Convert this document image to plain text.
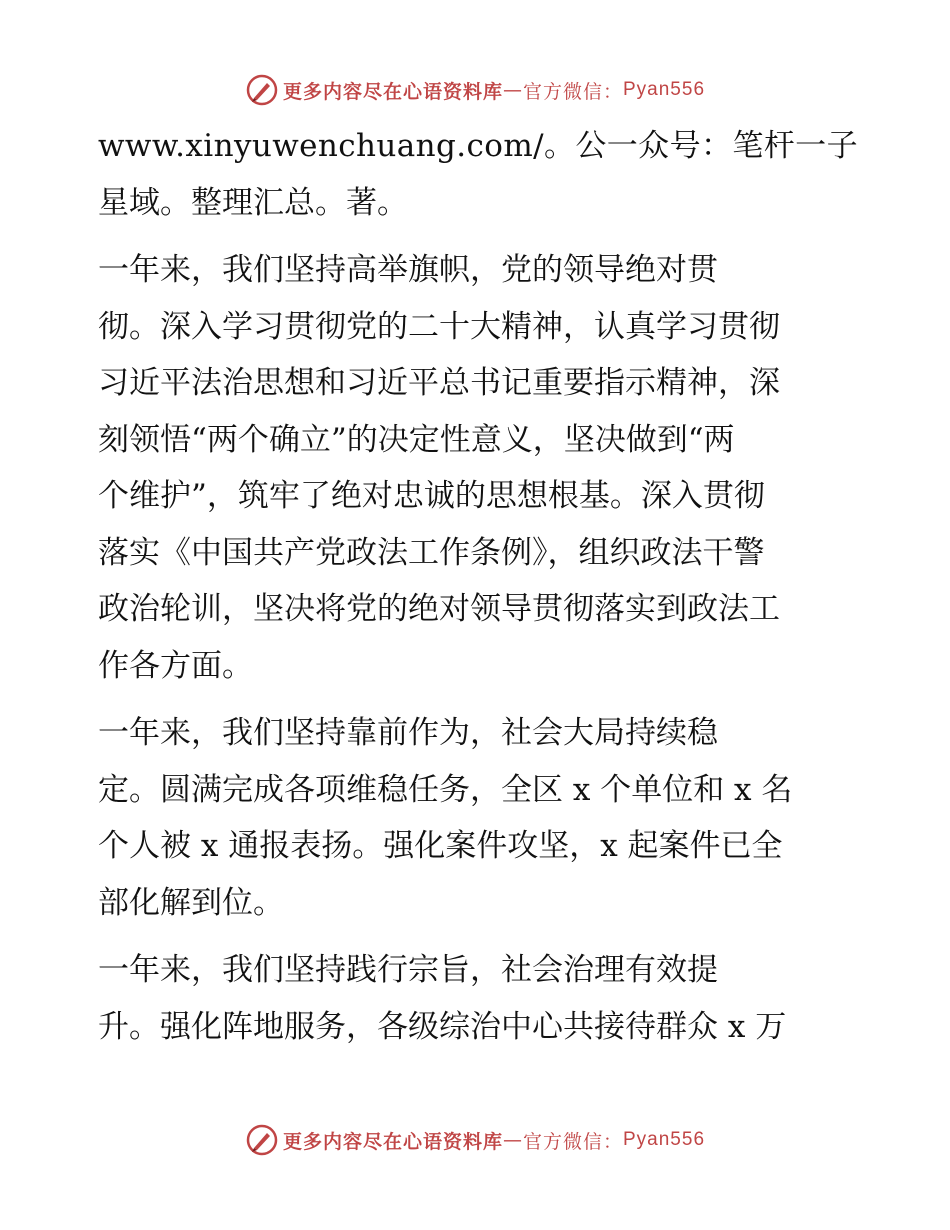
更多内容尽在心语资料库 — 官方微信： Pyan556
www.xinyuwenchuang.com/。公一众号：笔杆一子
星域。整理汇总。著。
一年来，我们坚持高举旗帜，党的领导绝对贯
彻。深入学习贯彻党的二十大精神，认真学习贯彻
习近平法治思想和习近平总书记重要指示精神，深
刻领悟“两个确立”的决定性意义，坚决做到“两
个维护”，筑牢了绝对忠诚的思想根基。深入贯彻
落实《中国共产党政法工作条例》，组织政法干警
政治轮训，坚决将党的绝对领导贯彻落实到政法工
作各方面。
一年来，我们坚持靠前作为，社会大局持续稳
定。圆满完成各项维稳任务，全区 x 个单位和 x 名
个人被 x 通报表扬。强化案件攻坚，x 起案件已全
部化解到位。
一年来，我们坚持践行宗旨，社会治理有效提
升。强化阵地服务，各级综治中心共接待群众 x 万
更多内容尽在心语资料库 — 官方微信： Pyan556
